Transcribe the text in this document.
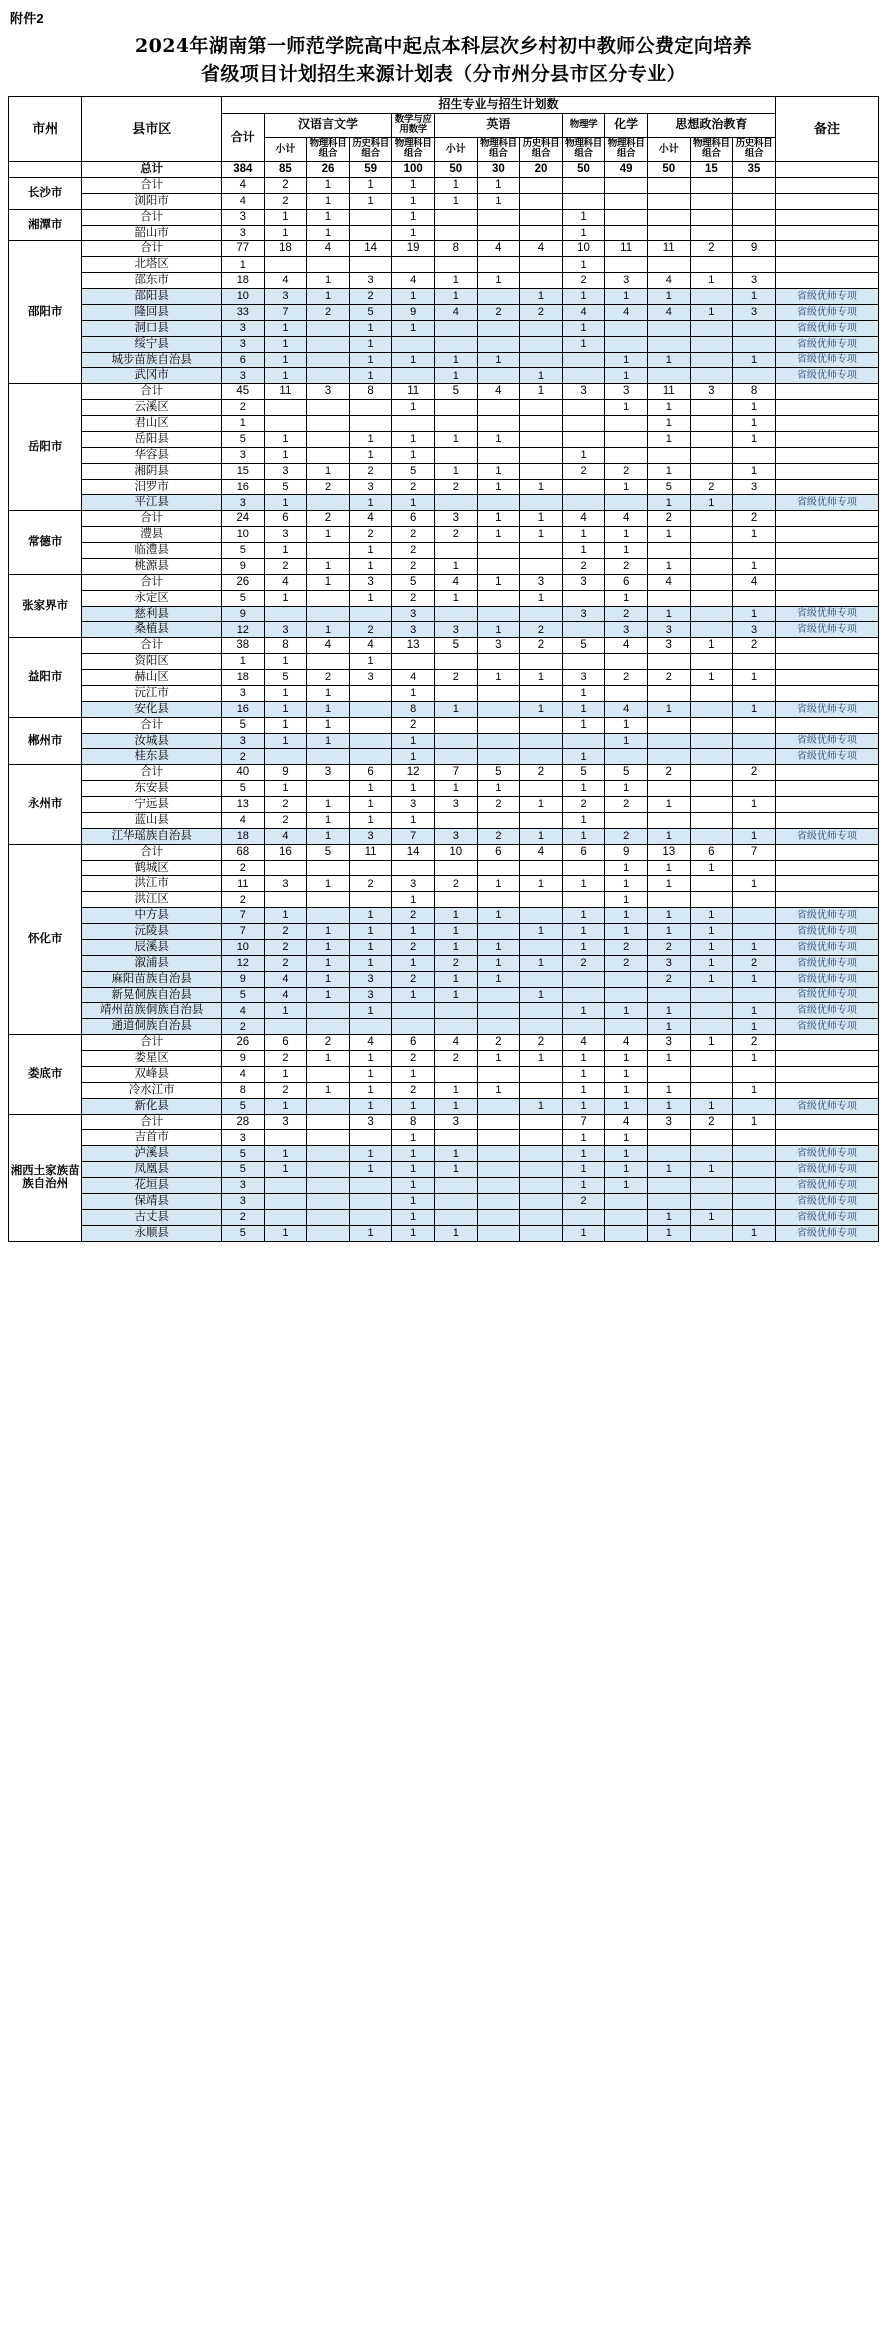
附件2
2024年湖南第一师范学院高中起点本科层次乡村初中教师公费定向培养
省级项目计划招生来源计划表（分市州分县市区分专业）
市州	县市区	招生专业与招生计划数													备注
		合计	汉语言文学			数学与应用数学	英语			物理学	化学	思想政治教育			
			小计	物理科目组合	历史科目组合	物理科目组合	小计	物理科目组合	历史科目组合	物理科目组合	物理科目组合	小计	物理科目组合	历史科目组合	
	总计	384	85	26	59	100	50	30	20	50	49	50	15	35	
长沙市	合计	4	2	1	1	1	1	1							
	浏阳市	4	2	1	1	1	1	1							
湘潭市	合计	3	1	1		1				1					
	韶山市	3	1	1		1				1					
邵阳市	合计	77	18	4	14	19	8	4	4	10	11	11	2	9	
	北塔区	1								1					
	邵东市	18	4	1	3	4	1	1		2	3	4	1	3	
	邵阳县	10	3	1	2	1	1		1	1	1	1		1	省级优师专项
	隆回县	33	7	2	5	9	4	2	2	4	4	4	1	3	省级优师专项
	洞口县	3	1		1	1				1					省级优师专项
	绥宁县	3	1		1					1					省级优师专项
	城步苗族自治县	6	1		1	1	1	1			1	1		1	省级优师专项
	武冈市	3	1		1		1		1		1				省级优师专项
岳阳市	合计	45	11	3	8	11	5	4	1	3	3	11	3	8	
	云溪区	2				1					1	1		1	
	君山区	1										1		1	
	岳阳县	5	1		1	1	1	1				1		1	
	华容县	3	1		1	1				1					
	湘阴县	15	3	1	2	5	1	1		2	2	1		1	
	汨罗市	16	5	2	3	2	2	1	1		1	5	2	3	
	平江县	3	1		1	1						1	1		省级优师专项
常德市	合计	24	6	2	4	6	3	1	1	4	4	2		2	
	澧县	10	3	1	2	2	2	1	1	1	1	1		1	
	临澧县	5	1		1	2				1	1				
	桃源县	9	2	1	1	2	1			2	2	1		1	
张家界市	合计	26	4	1	3	5	4	1	3	3	6	4		4	
	永定区	5	1		1	2	1		1		1				
	慈利县	9				3				3	2	1		1	省级优师专项
	桑植县	12	3	1	2	3	3	1	2		3	3		3	省级优师专项
益阳市	合计	38	8	4	4	13	5	3	2	5	4	3	1	2	
	资阳区	1	1		1										
	赫山区	18	5	2	3	4	2	1	1	3	2	2	1	1	
	沅江市	3	1	1		1				1					
	安化县	16	1	1		8	1		1	1	4	1		1	省级优师专项
郴州市	合计	5	1	1		2				1	1				
	汝城县	3	1	1		1					1				省级优师专项
	桂东县	2				1				1					省级优师专项
永州市	合计	40	9	3	6	12	7	5	2	5	5	2		2	
	东安县	5	1		1	1	1	1		1	1				
	宁远县	13	2	1	1	3	3	2	1	2	2	1		1	
	蓝山县	4	2	1	1	1				1					
	江华瑶族自治县	18	4	1	3	7	3	2	1	1	2	1		1	省级优师专项
怀化市	合计	68	16	5	11	14	10	6	4	6	9	13	6	7	
	鹤城区	2									1	1	1		
	洪江市	11	3	1	2	3	2	1	1	1	1	1		1	
	洪江区	2				1					1				
	中方县	7	1		1	2	1	1		1	1	1	1		省级优师专项
	沅陵县	7	2	1	1	1	1		1	1	1	1	1		省级优师专项
	辰溪县	10	2	1	1	2	1	1		1	2	2	1	1	省级优师专项
	溆浦县	12	2	1	1	1	2	1	1	2	2	3	1	2	省级优师专项
	麻阳苗族自治县	9	4	1	3	2	1	1				2	1	1	省级优师专项
	新晃侗族自治县	5	4	1	3	1	1		1						省级优师专项
	靖州苗族侗族自治县	4	1		1					1	1	1		1	省级优师专项
	通道侗族自治县	2										1		1	省级优师专项
娄底市	合计	26	6	2	4	6	4	2	2	4	4	3	1	2	
	娄星区	9	2	1	1	2	2	1	1	1	1	1		1	
	双峰县	4	1		1	1				1	1				
	冷水江市	8	2	1	1	2	1	1		1	1	1		1	
	新化县	5	1		1	1	1		1	1	1	1	1		省级优师专项
湘西土家族苗族自治州	合计	28	3		3	8	3			7	4	3	2	1	
	吉首市	3				1				1	1				
	泸溪县	5	1		1	1	1			1	1				省级优师专项
	凤凰县	5	1		1	1	1			1	1	1	1		省级优师专项
	花垣县	3				1				1	1				省级优师专项
	保靖县	3				1				2					省级优师专项
	古丈县	2				1						1	1		省级优师专项
	永顺县	5	1		1	1	1			1		1		1	省级优师专项
